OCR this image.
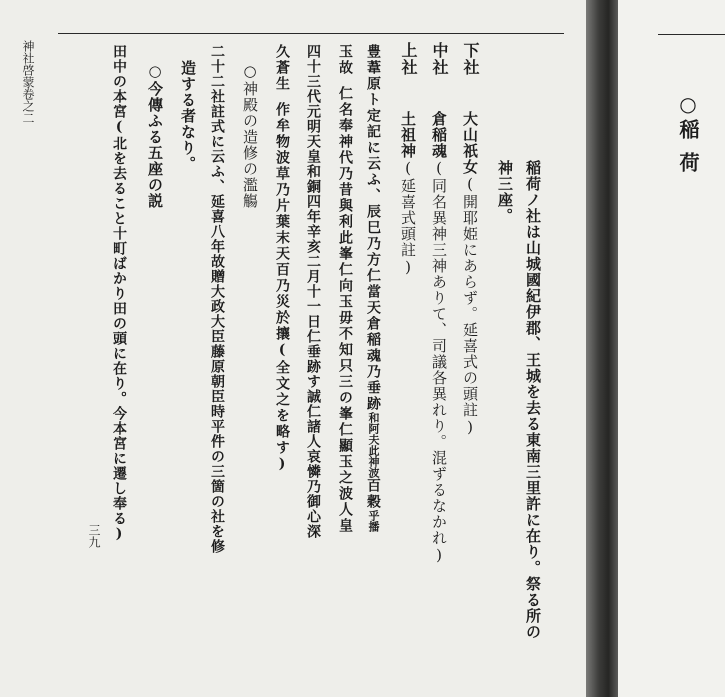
神社啓蒙卷之二
稲荷ノ社は山城國紀伊郡、王城を去る東南三里許に在り。祭る所の
神三座。
下社 大山祇女(開耶姫にあらず。延喜式の頭註)
中社 倉稲魂(同名異神三神ありて、司議各異れり。混ずるなかれ)
上社 土祖神(延喜式頭註)
豊葦原ト定記に云ふ、辰巳乃方仁當天倉稲魂乃垂跡和阿夫此神波百穀乎播
玉故仁名奉神代乃昔與利此峯仁向玉毋不知只三の峯仁顯玉之波人皇
四十三代元明天皇和銅四年辛亥二月十一日仁垂跡す誠仁諸人哀憐乃御心深
久蒼生作牟物波草乃片葉末天百乃災於攘(全文之を略す)
○神殿の造修の濫觴
二十二社註式に云ふ、延喜八年故贈大政大臣藤原朝臣時平件の三箇の社を修
造する者なり。
○今傳ふる五座の説
田中の本宮(北を去ること十町ばかり田の頭に在り。今本宮に遷し奉る)
三九
○稲荷
